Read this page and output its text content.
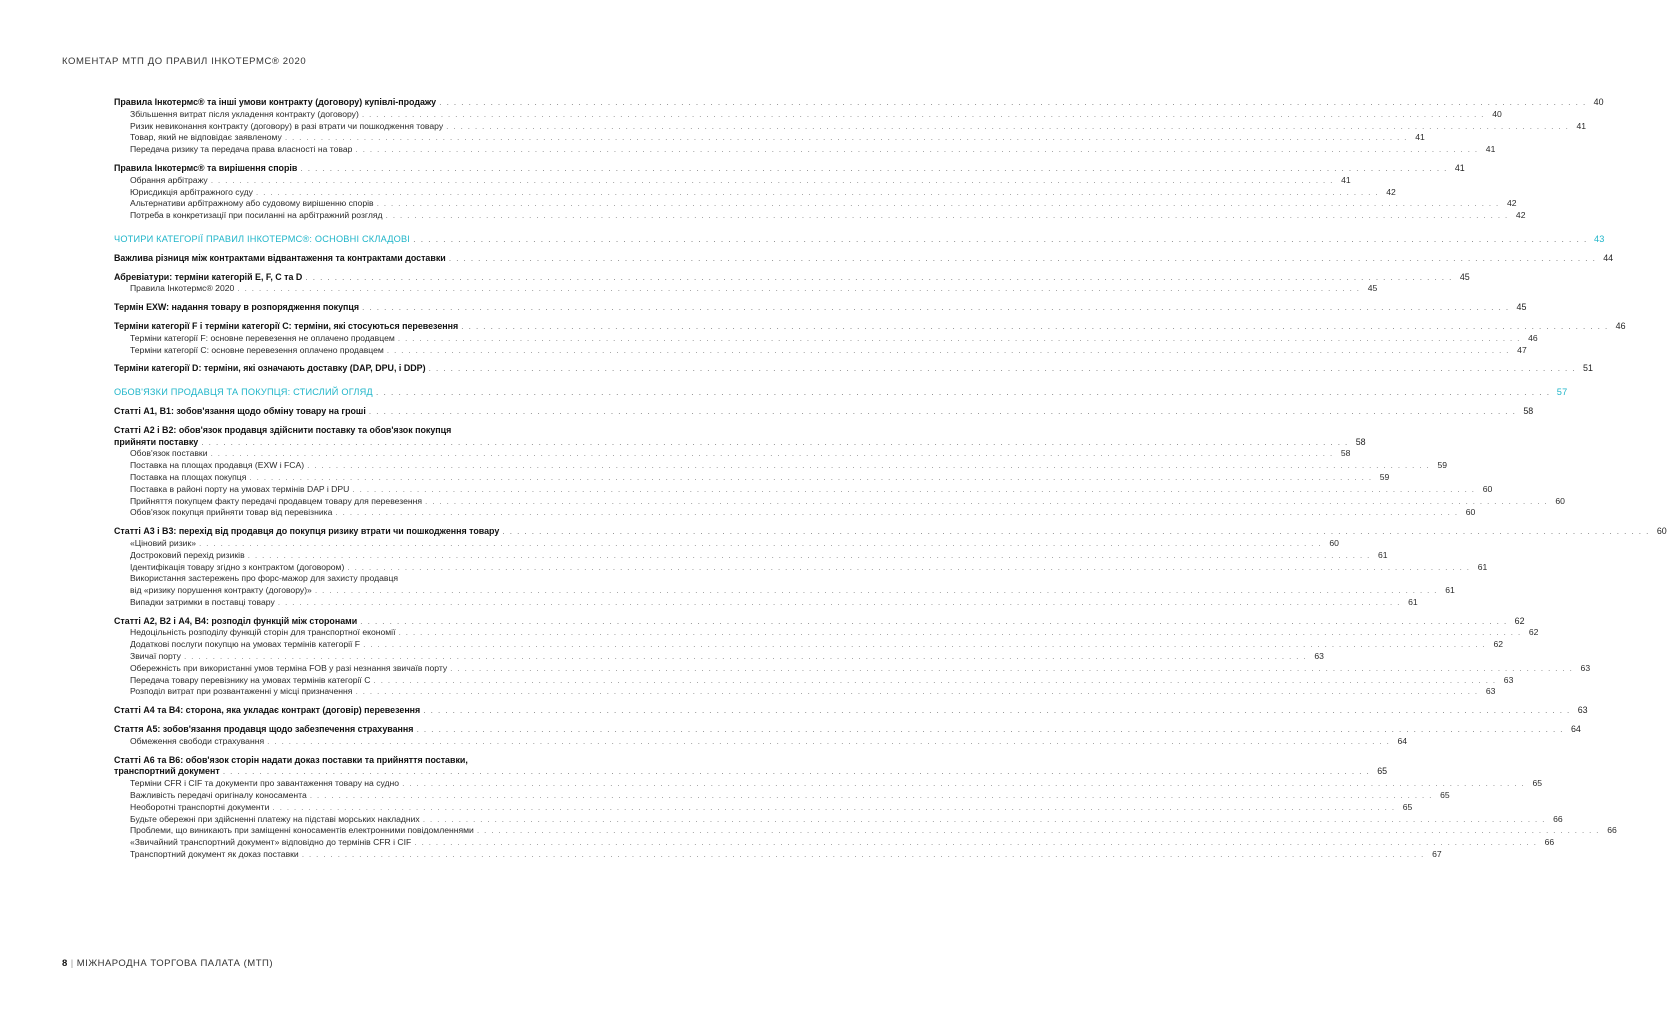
КОМЕНТАР МТП ДО ПРАВИЛ ІНКОТЕРМС® 2020
Правила Інкотермс® та інші умови контракту (договору) купівлі-продажу . . .	40
Збільшення витрат після укладення контракту (договору) . . .	40
Ризик невиконання контракту (договору) в разі втрати чи пошкодження товару . . .	41
Товар, який не відповідає заявленому . . .	41
Передача ризику та передача права власності на товар . . .	41
Правила Інкотермс® та вирішення спорів . . .	41
Обрання арбітражу . . .	41
Юрисдикція арбітражного суду . . .	42
Альтернативи арбітражному або судовому вирішенню спорів . . .	42
Потреба в конкретизації при посиланні на арбітражний розгляд . . .	42
ЧОТИРИ КАТЕГОРІЇ ПРАВИЛ ІНКОТЕРМС®: ОСНОВНІ СКЛАДОВІ . . .	43
Важлива різниця між контрактами відвантаження та контрактами доставки . . .	44
Абревіатури: терміни категорій E, F, C та D . . .	45
Правила Інкотермс® 2020 . . .	45
Термін EXW: надання товару в розпорядження покупця . . .	45
Терміни категорії F і терміни категорії C: терміни, які стосуються перевезення . . .	46
Терміни категорії F: основне перевезення не оплачено продавцем . . .	46
Терміни категорії C: основне перевезення оплачено продавцем . . .	47
Терміни категорії D: терміни, які означають доставку (DAP, DPU, і DDP) . . .	51
ОБОВ'ЯЗКИ ПРОДАВЦЯ ТА ПОКУПЦЯ: СТИСЛИЙ ОГЛЯД . . .	57
Статті А1, В1: зобов'язання щодо обміну товару на гроші . . .	58
Статті А2 і В2: обов'язок продавця здійснити поставку та обов'язок покупця
прийняти поставку . . .	58
Обов'язок поставки . . .	58
Поставка на площах продавця (EXW і FCA) . . .	59
Поставка на площах покупця . . .	59
Поставка в районі порту на умовах термінів DAP і DPU . . .	60
Прийняття покупцем факту передачі продавцем товару для перевезення . . .	60
Обов'язок покупця прийняти товар від перевізника . . .	60
Статті А3 і В3: перехід від продавця до покупця ризику втрати чи пошкодження товару . . .	60
«Ціновий ризик» . . .	60
Достроковий перехід ризиків . . .	61
Ідентифікація товару згідно з контрактом (договором) . . .	61
Використання застережень про форс-мажор для захисту продавця
від «ризику порушення контракту (договору)» . . .	61
Випадки затримки в поставці товару . . .	61
Статті А2, В2 і А4, В4: розподіл функцій між сторонами . . .	62
Недоцільність розподілу функцій сторін для транспортної економії . . .	62
Додаткові послуги покупцю на умовах термінів категорії F . . .	62
Звичаї порту . . .	63
Обережність при використанні умов терміна FOB у разі незнання звичаїв порту . . .	63
Передача товару перевізнику на умовах термінів категорії C . . .	63
Розподіл витрат при розвантаженні у місці призначення . . .	63
Статті А4 та В4: сторона, яка укладає контракт (договір) перевезення . . .	63
Стаття А5: зобов'язання продавця щодо забезпечення страхування . . .	64
Обмеження свободи страхування . . .	64
Статті А6 та В6: обов'язок сторін надати доказ поставки та прийняття поставки,
транспортний документ . . .	65
Терміни CFR і CIF та документи про завантаження товару на судно . . .	65
Важливість передачі оригіналу коносамента . . .	65
Необоротні транспортні документи . . .	65
Будьте обережні при здійсненні платежу на підставі морських накладних . . .	66
Проблеми, що виникають при заміщенні коносаментів електронними повідомленнями . . .	66
«Звичайний транспортний документ» відповідно до термінів CFR і CIF . . .	66
Транспортний документ як доказ поставки . . .	67
8 | МІЖНАРОДНА ТОРГОВА ПАЛАТА (МТП)
